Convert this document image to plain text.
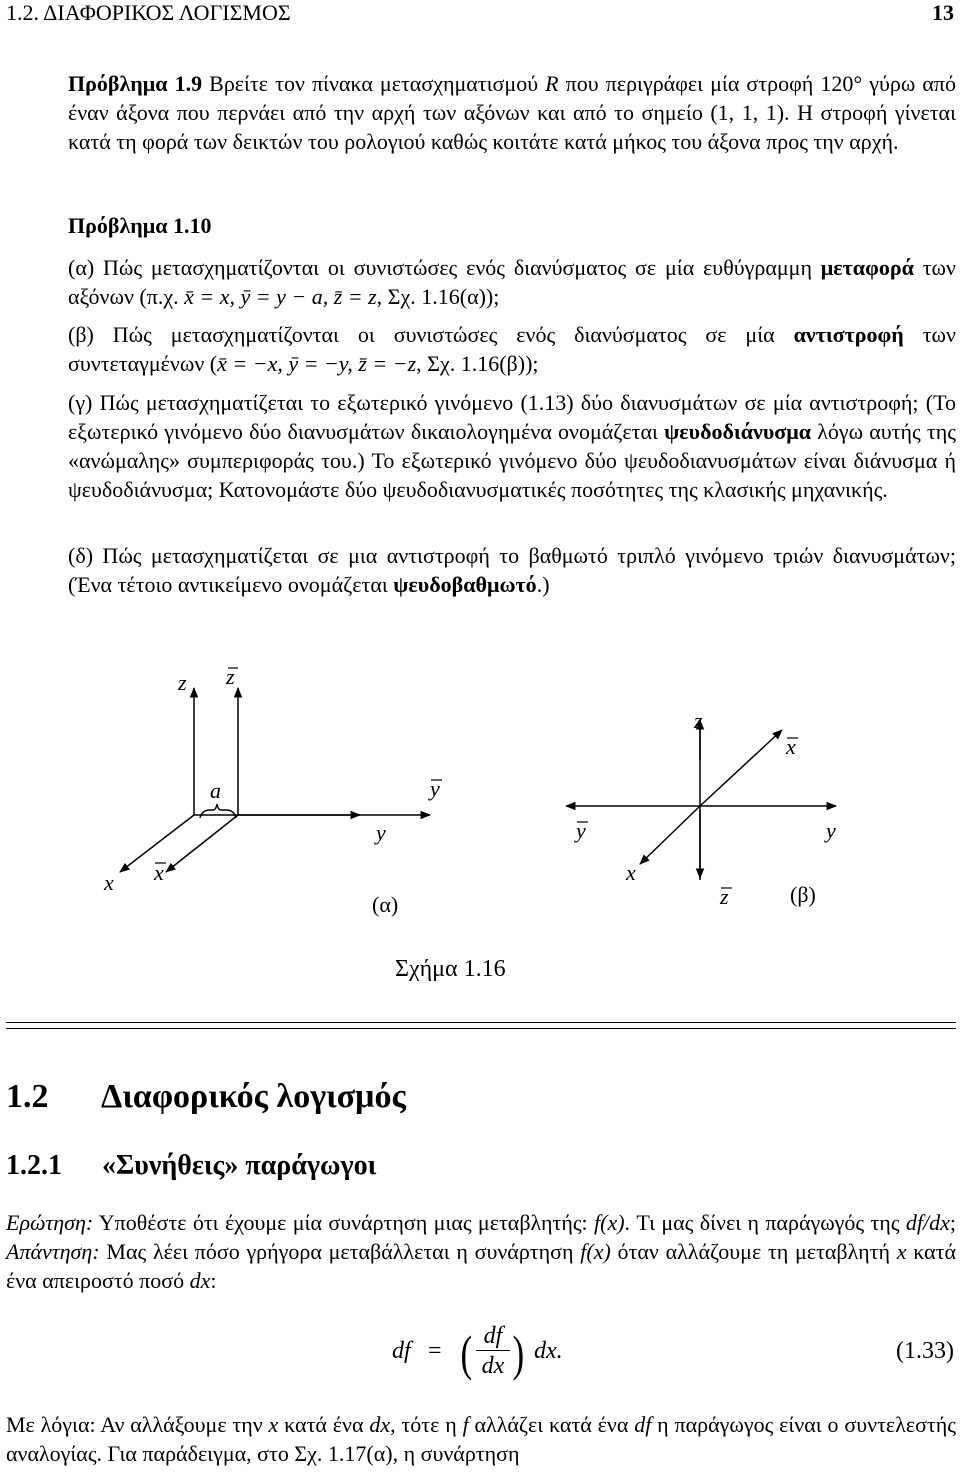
1.2. ΔΙΑΦΟΡΙΚΟΣ ΛΟΓΙΣΜΟΣ	13
Πρόβλημα 1.9 Βρείτε τον πίνακα μετασχηματισμού R που περιγράφει μία στροφή 120° γύρω από έναν άξονα που περνάει από την αρχή των αξόνων και από το σημείο (1, 1, 1). Η στροφή γίνεται κατά τη φορά των δεικτών του ρολογιού καθώς κοιτάτε κατά μήκος του άξονα προς την αρχή.
Πρόβλημα 1.10
(α) Πώς μετασχηματίζονται οι συνιστώσες ενός διανύσματος σε μία ευθύγραμμη μεταφορά των αξόνων (π.χ. x̄ = x, ȳ = y − a, z̄ = z, Σχ. 1.16(α));
(β) Πώς μετασχηματίζονται οι συνιστώσες ενός διανύσματος σε μία αντιστροφή των συντεταγμένων (x̄ = −x, ȳ = −y, z̄ = −z, Σχ. 1.16(β));
(γ) Πώς μετασχηματίζεται το εξωτερικό γινόμενο (1.13) δύο διανυσμάτων σε μία αντιστροφή; (Το εξωτερικό γινόμενο δύο διανυσμάτων δικαιολογημένα ονομάζεται ψευδοδιάνυσμα λόγω αυτής της «ανώμαλης» συμπεριφοράς του.) Το εξωτερικό γινόμενο δύο ψευδοδιανυσμάτων είναι διάνυσμα ή ψευδοδιάνυσμα; Κατονομάστε δύο ψευδοδιανυσματικές ποσότητες της κλασικής μηχανικής.
(δ) Πώς μετασχηματίζεται σε μια αντιστροφή το βαθμωτό τριπλό γινόμενο τριών διανυσμάτων; (Ένα τέτοιο αντικείμενο ονομάζεται ψευδοβαθμωτό.)
z z
a
y
y
x x
(α)
z
x
y
y
x
z	(β)
Σχήμα 1.16
1.2 Διαφορικός λογισμός
1.2.1 «Συνήθεις» παράγωγοι
Ερώτηση: Υποθέστε ότι έχουμε μία συνάρτηση μιας μεταβλητής: f(x). Τι μας δίνει η παράγωγός της df/dx; Απάντηση: Μας λέει πόσο γρήγορα μεταβάλλεται η συνάρτηση f(x) όταν αλλάζουμε τη μεταβλητή x κατά ένα απειροστό ποσό dx:
df = ( $\frac{df}{dx}$ ) dx.	(1.33)
Με λόγια: Αν αλλάξουμε την x κατά ένα dx, τότε η f αλλάζει κατά ένα df η παράγωγος είναι ο συντελεστής αναλογίας. Για παράδειγμα, στο Σχ. 1.17(α), η συνάρτηση
